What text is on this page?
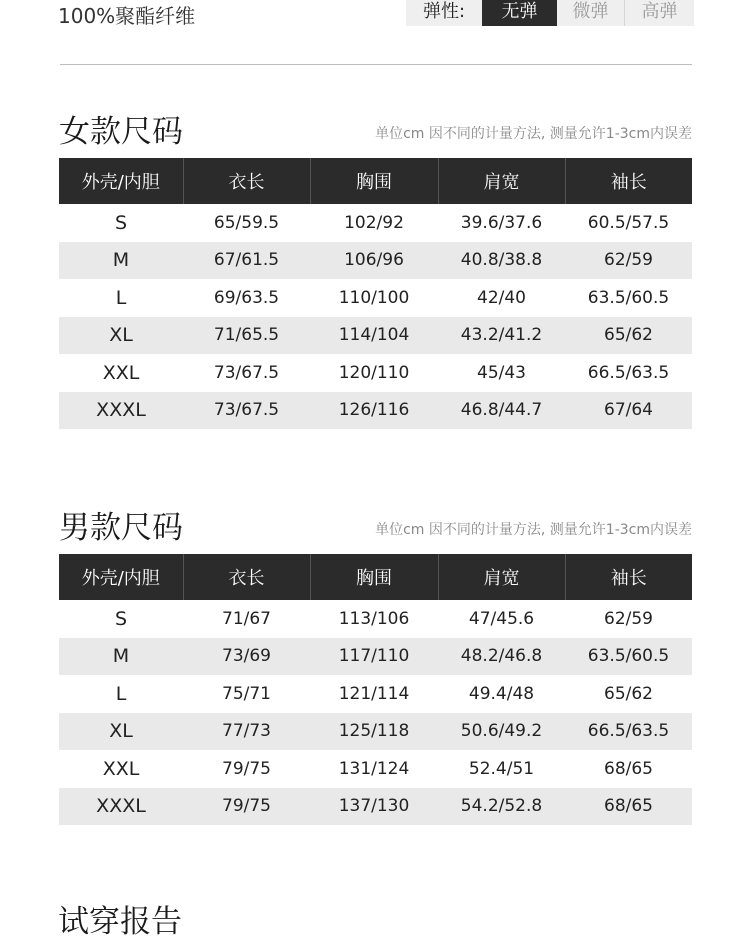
100%聚酯纤维	弹性:	无弹	微弹	高弹
女款尺码	单位cm 因不同的计量方法, 测量允许1-3cm内误差
外壳/内胆	衣长	胸围	肩宽	袖长
S	65/59.5	102/92	39.6/37.6	60.5/57.5
M	67/61.5	106/96	40.8/38.8	62/59
L	69/63.5	110/100	42/40	63.5/60.5
XL	71/65.5	114/104	43.2/41.2	65/62
XXL	73/67.5	120/110	45/43	66.5/63.5
XXXL	73/67.5	126/116	46.8/44.7	67/64
男款尺码	单位cm 因不同的计量方法, 测量允许1-3cm内误差
外壳/内胆	衣长	胸围	肩宽	袖长
S	71/67	113/106	47/45.6	62/59
M	73/69	117/110	48.2/46.8	63.5/60.5
L	75/71	121/114	49.4/48	65/62
XL	77/73	125/118	50.6/49.2	66.5/63.5
XXL	79/75	131/124	52.4/51	68/65
XXXL	79/75	137/130	54.2/52.8	68/65
试穿报告
